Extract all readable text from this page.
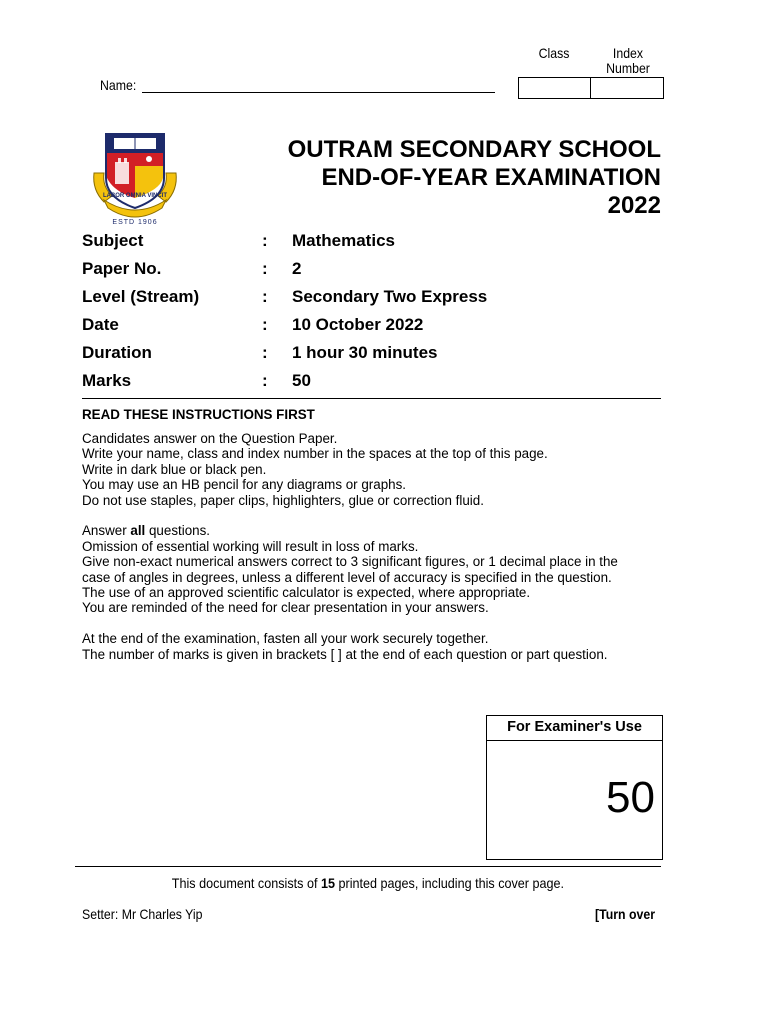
Class	Index
Number
Name:
LABOR OMNIA VINCIT
ESTD 1906
OUTRAM SECONDARY SCHOOL
END-OF-YEAR EXAMINATION
2022
Subject	: Mathematics
Paper No.	: 2
Level (Stream)	: Secondary Two Express
Date	: 10 October 2022
Duration	: 1 hour 30 minutes
Marks	: 50
READ THESE INSTRUCTIONS FIRST

Candidates answer on the Question Paper.

Write your name, class and index number in the spaces at the top of this page.

Write in dark blue or black pen.

You may use an HB pencil for any diagrams or graphs.

Do not use staples, paper clips, highlighters, glue or correction fluid.

Answer all questions.

Omission of essential working will result in loss of marks.

Give non-exact numerical answers correct to 3 significant figures, or 1 decimal place in the

case of angles in degrees, unless a different level of accuracy is specified in the question.

The use of an approved scientific calculator is expected, where appropriate.

You are reminded of the need for clear presentation in your answers.

At the end of the examination, fasten all your work securely together.

The number of marks is given in brackets [ ] at the end of each question or part question.

For Examiner's Use
50
This document consists of 15 printed pages, including this cover page.
Setter: Mr Charles Yip	[Turn over
